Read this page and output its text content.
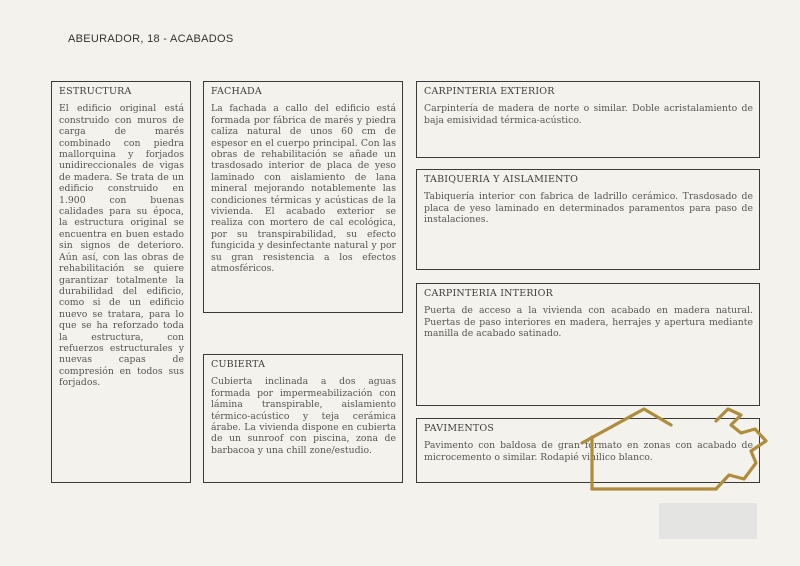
ABEURADOR, 18 - ACABADOS
ESTRUCTURA
El edificio original está construido con muros de carga de marés combinado con piedra mallorquina y forjados unidireccionales de vigas de madera. Se trata de un edificio construido en 1.900 con buenas calidades para su época, la estructura original se encuentra en buen estado sin signos de deterioro. Aún así, con las obras de rehabilitación se quiere garantizar totalmente la durabilidad del edificio, como si de un edificio nuevo se tratara, para lo que se ha reforzado toda la estructura, con refuerzos estructurales y nuevas capas de compresión en todos sus forjados.
FACHADA
La fachada a callo del edificio está formada por fábrica de marés y piedra caliza natural de unos 60 cm de espesor en el cuerpo principal. Con las obras de rehabilitación se añade un trasdosado interior de placa de yeso laminado con aislamiento de lana mineral mejorando notablemente las condiciones térmicas y acústicas de la vivienda. El acabado exterior se realiza con mortero de cal ecológica, por su transpirabilidad, su efecto fungicida y desinfectante natural y por su gran resistencia a los efectos atmosféricos.
CUBIERTA
Cubierta inclinada a dos aguas formada por impermeabilización con lámina transpirable, aislamiento térmico-acústico y teja cerámica árabe. La vivienda dispone en cubierta de un sunroof con piscina, zona de barbacoa y una chill zone/estudio.
CARPINTERIA EXTERIOR
Carpintería de madera de norte o similar. Doble acristalamiento de baja emisividad térmica-acústico.
TABIQUERIA Y AISLAMIENTO
Tabiquería interior con fabrica de ladrillo cerámico. Trasdosado de placa de yeso laminado en determinados paramentos para paso de instalaciones.
CARPINTERIA INTERIOR
Puerta de acceso a la vivienda con acabado en madera natural. Puertas de paso interiores en madera, herrajes y apertura mediante manilla de acabado satinado.
PAVIMENTOS
Pavimento con baldosa de gran formato en zonas con acabado de microcemento o similar. Rodapié vinilico blanco.
